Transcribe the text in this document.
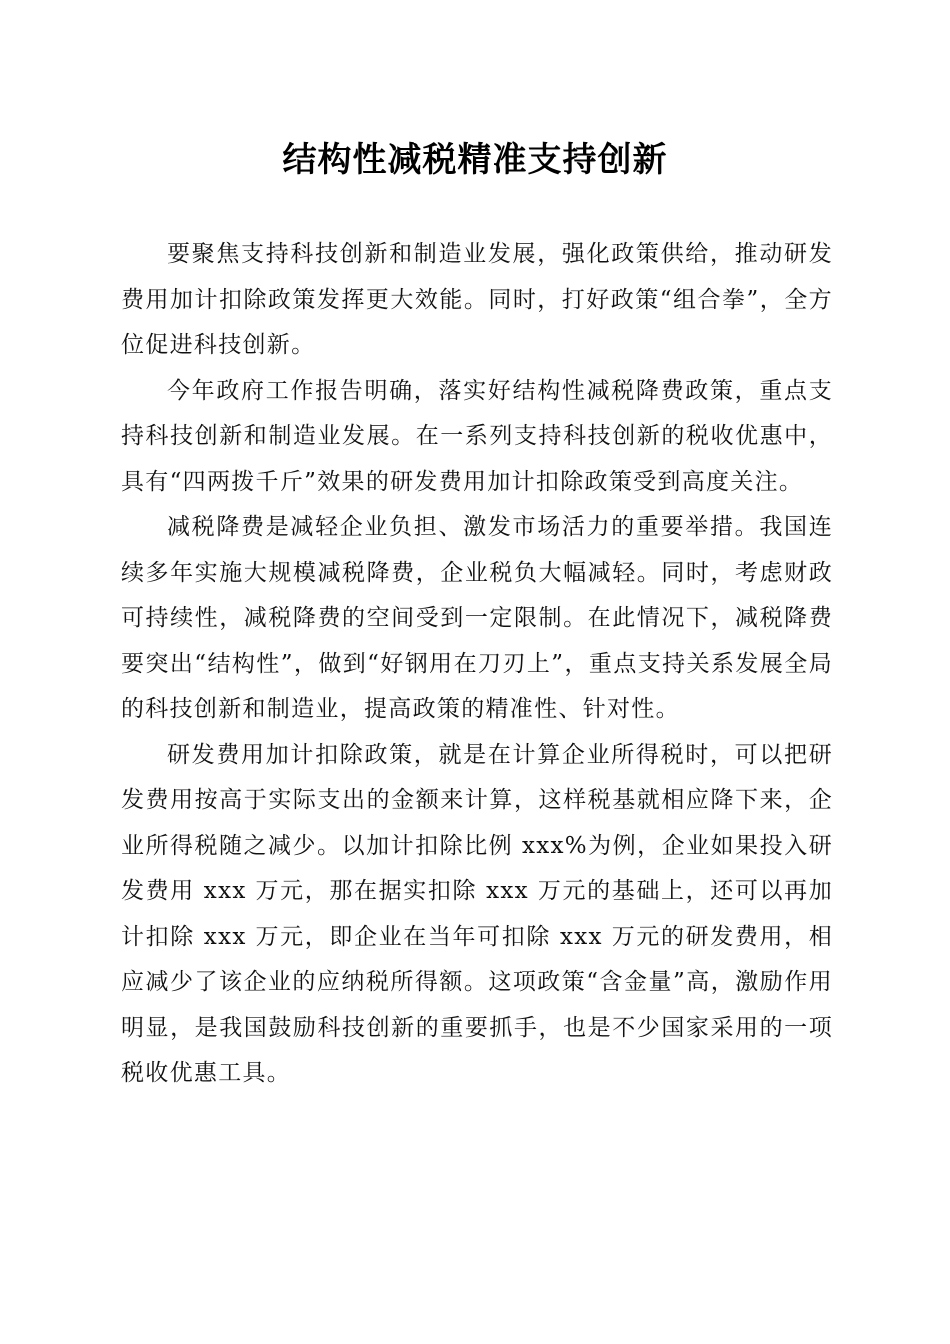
结构性减税精准支持创新

要聚焦支持科技创新和制造业发展，强化政策供给，推动研发费用加计扣除政策发挥更大效能。同时，打好政策“组合拳”，全方位促进科技创新。

今年政府工作报告明确，落实好结构性减税降费政策，重点支持科技创新和制造业发展。在一系列支持科技创新的税收优惠中，具有“四两拨千斤”效果的研发费用加计扣除政策受到高度关注。

减税降费是减轻企业负担、激发市场活力的重要举措。我国连续多年实施大规模减税降费，企业税负大幅减轻。同时，考虑财政可持续性，减税降费的空间受到一定限制。在此情况下，减税降费要突出“结构性”，做到“好钢用在刀刃上”，重点支持关系发展全局的科技创新和制造业，提高政策的精准性、针对性。

研发费用加计扣除政策，就是在计算企业所得税时，可以把研发费用按高于实际支出的金额来计算，这样税基就相应降下来，企业所得税随之减少。以加计扣除比例 xxx%为例，企业如果投入研发费用 xxx 万元，那在据实扣除 xxx 万元的基础上，还可以再加计扣除 xxx 万元，即企业在当年可扣除 xxx 万元的研发费用，相应减少了该企业的应纳税所得额。这项政策“含金量”高，激励作用明显，是我国鼓励科技创新的重要抓手，也是不少国家采用的一项税收优惠工具。
